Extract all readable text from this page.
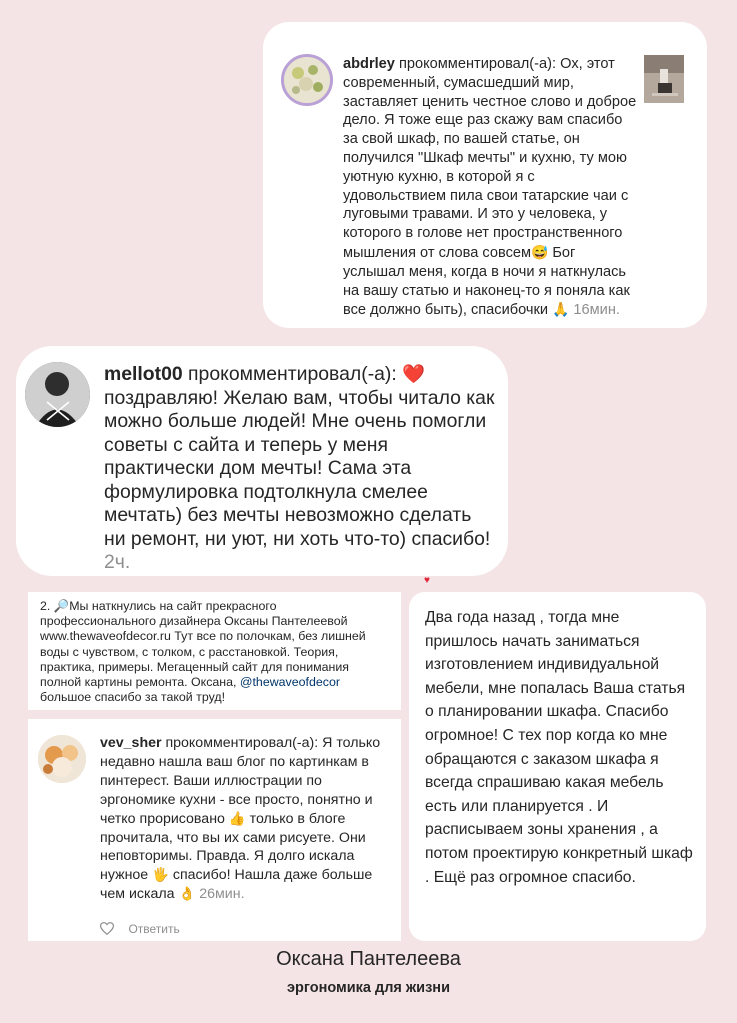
abdrley прокомментировал(-а): Ох, этот современный, сумасшедший мир, заставляет ценить честное слово и доброе дело. Я тоже еще раз скажу вам спасибо за свой шкаф, по вашей статье, он получился "Шкаф мечты" и кухню, ту мою уютную кухню, в которой я с удовольствием пила свои татарские чаи с луговыми травами. И это у человека, у которого в голове нет пространственного мышления от слова совсем😅 Бог услышал меня, когда в ночи я наткнулась на вашу статью и наконец-то я поняла как все должно быть), спасибочки 🙏 16мин.
mellot00 прокомментировал(-а): ❤️
поздравляю! Желаю вам, чтобы читало как можно больше людей! Мне очень помогли советы с сайта и теперь у меня практически дом мечты! Сама эта формулировка подтолкнула смелее мечтать) без мечты невозможно сделать ни ремонт, ни уют, ни хоть что-то) спасибо! 2ч.
♥
2. 🔎Мы наткнулись на сайт прекрасного профессионального дизайнера Оксаны Пантелеевой www.thewaveofdecor.ru Тут все по полочкам, без лишней воды с чувством, с толком, с расстановкой. Теория, практика, примеры. Мегаценный сайт для понимания полной картины ремонта. Оксана, @thewaveofdecor большое спасибо за такой труд!
vev_sher прокомментировал(-а): Я только недавно нашла ваш блог по картинкам в пинтерест. Ваши иллюстрации по эргономике кухни - все просто, понятно и четко прорисовано 👍 только в блоге прочитала, что вы их сами рисуете. Они неповторимы. Правда. Я долго искала нужное 🖐 спасибо! Нашла даже больше чем искала 👌 26мин.
Ответить
Два года назад , тогда мне пришлось начать заниматься изготовлением индивидуальной мебели, мне попалась Ваша статья о планировании шкафа. Спасибо огромное! С тех пор когда ко мне обращаются с заказом шкафа я всегда спрашиваю какая мебель есть или планируется . И расписываем зоны хранения , а потом проектирую конкретный шкаф . Ещё раз огромное спасибо.
Оксана Пантелеева
эргономика для жизни
